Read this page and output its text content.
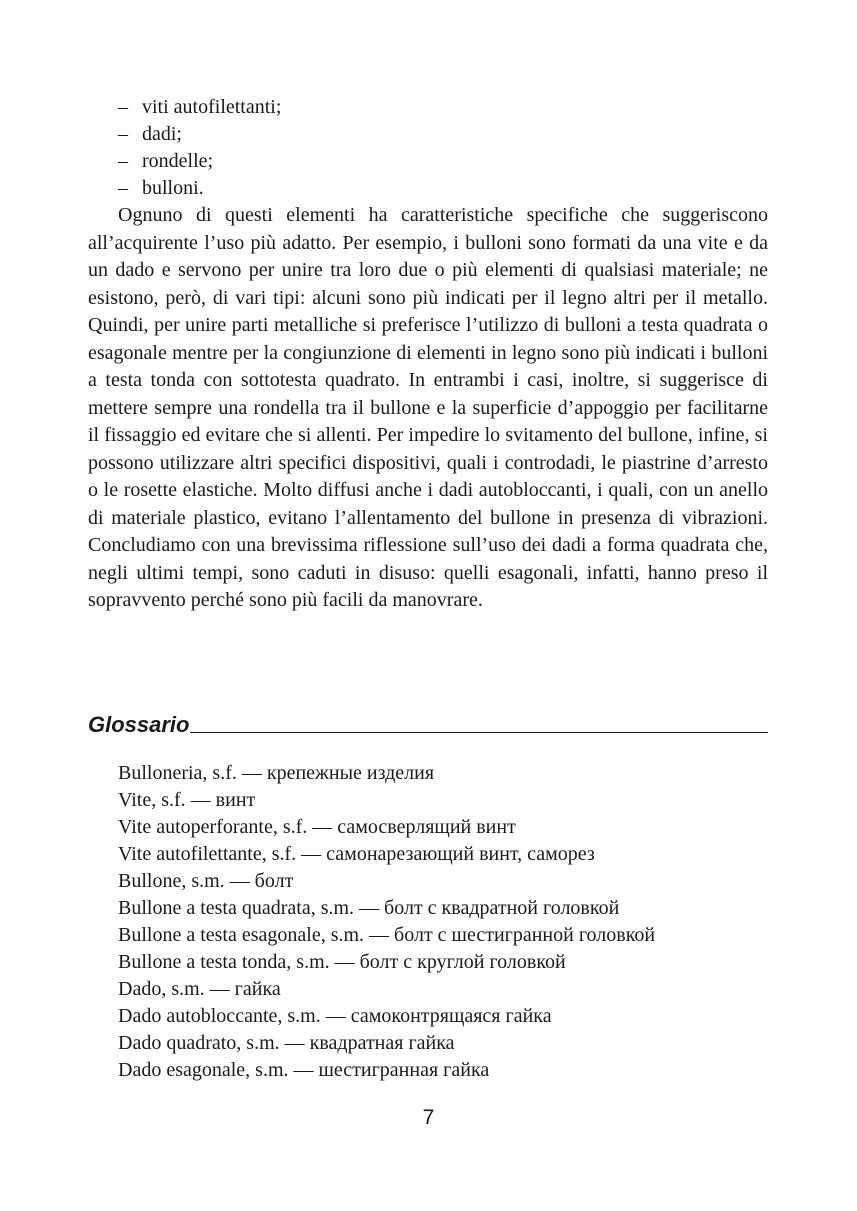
– viti autofilettanti;
– dadi;
– rondelle;
– bulloni.

Ognuno di questi elementi ha caratteristiche specifiche che suggeriscono all’acquirente l’uso più adatto. Per esempio, i bulloni sono formati da una vite e da un dado e servono per unire tra loro due o più elementi di qualsiasi materiale; ne esistono, però, di vari tipi: alcuni sono più indicati per il legno altri per il metallo. Quindi, per unire parti metalliche si preferisce l’utilizzo di bulloni a testa quadrata o esagonale mentre per la congiunzione di elementi in legno sono più indicati i bulloni a testa tonda con sottotesta quadrato. In entrambi i casi, inoltre, si suggerisce di mettere sempre una rondella tra il bullone e la superficie d’appoggio per facilitarne il fissaggio ed evitare che si allenti. Per impedire lo svitamento del bullone, infine, si possono utilizzare altri specifici dispositivi, quali i controdadi, le piastrine d’arresto o le rosette elastiche. Molto diffusi anche i dadi autobloccanti, i quali, con un anello di materiale plastico, evitano l’allentamento del bullone in presenza di vibrazioni. Concludiamo con una brevissima riflessione sull’uso dei dadi a forma quadrata che, negli ultimi tempi, sono caduti in disuso: quelli esagonali, infatti, hanno preso il sopravvento perché sono più facili da manovrare.

Glossario
Bulloneria, s.f. — крепежные изделия
Vite, s.f. — винт
Vite autoperforante, s.f. — самосверлящий винт
Vite autofilettante, s.f. — самонарезающий винт, саморез
Bullone, s.m. — болт
Bullone a testa quadrata, s.m. — болт с квадратной головкой
Bullone a testa esagonale, s.m. — болт с шестигранной головкой
Bullone a testa tonda, s.m. — болт с круглой головкой
Dado, s.m. — гайка
Dado autobloccante, s.m. — самоконтрящаяся гайка
Dado quadrato, s.m. — квадратная гайка
Dado esagonale, s.m. — шестигранная гайка
7
